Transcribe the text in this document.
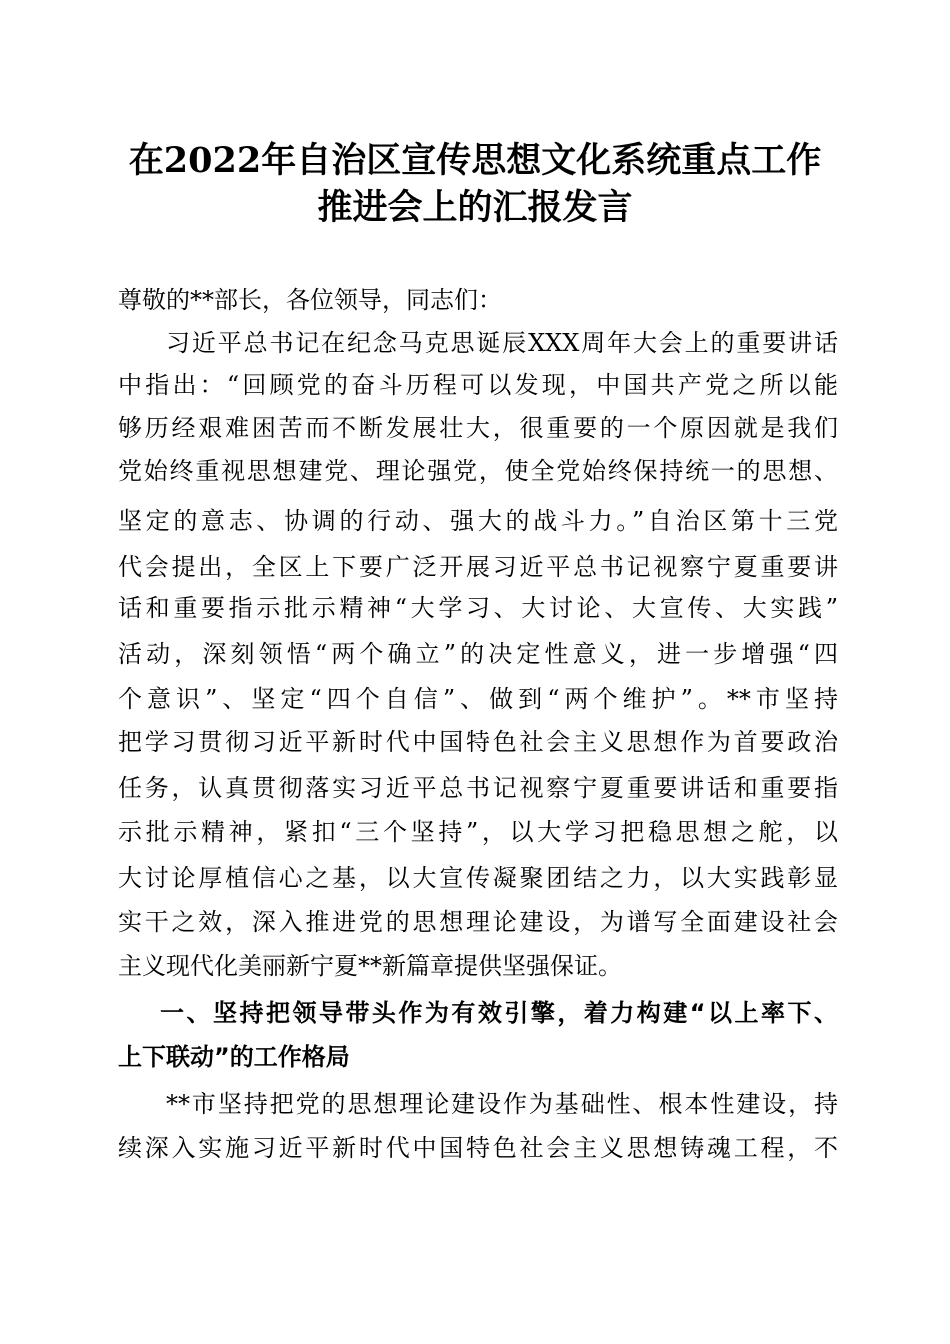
在2022年自治区宣传思想文化系统重点工作
推进会上的汇报发言

尊敬的**部长，各位领导，同志们：

习近平总书记在纪念马克思诞辰XXX周年大会上的重要讲话

中指出：“回顾党的奋斗历程可以发现，中国共产党之所以能

够历经艰难困苦而不断发展壮大，很重要的一个原因就是我们

党始终重视思想建党、理论强党，使全党始终保持统一的思想、

坚定的意志、协调的行动、强大的战斗力。”自治区第十三党

代会提出，全区上下要广泛开展习近平总书记视察宁夏重要讲

话和重要指示批示精神“大学习、大讨论、大宣传、大实践”

活动，深刻领悟“两个确立”的决定性意义，进一步增强“四

个意识”、坚定“四个自信”、做到“两个维护”。**市坚持

把学习贯彻习近平新时代中国特色社会主义思想作为首要政治

任务，认真贯彻落实习近平总书记视察宁夏重要讲话和重要指

示批示精神，紧扣“三个坚持”，以大学习把稳思想之舵，以

大讨论厚植信心之基，以大宣传凝聚团结之力，以大实践彰显

实干之效，深入推进党的思想理论建设，为谱写全面建设社会

主义现代化美丽新宁夏**新篇章提供坚强保证。

一、坚持把领导带头作为有效引擎，着力构建“以上率下、
上下联动”的工作格局

**市坚持把党的思想理论建设作为基础性、根本性建设，持

续深入实施习近平新时代中国特色社会主义思想铸魂工程，不
